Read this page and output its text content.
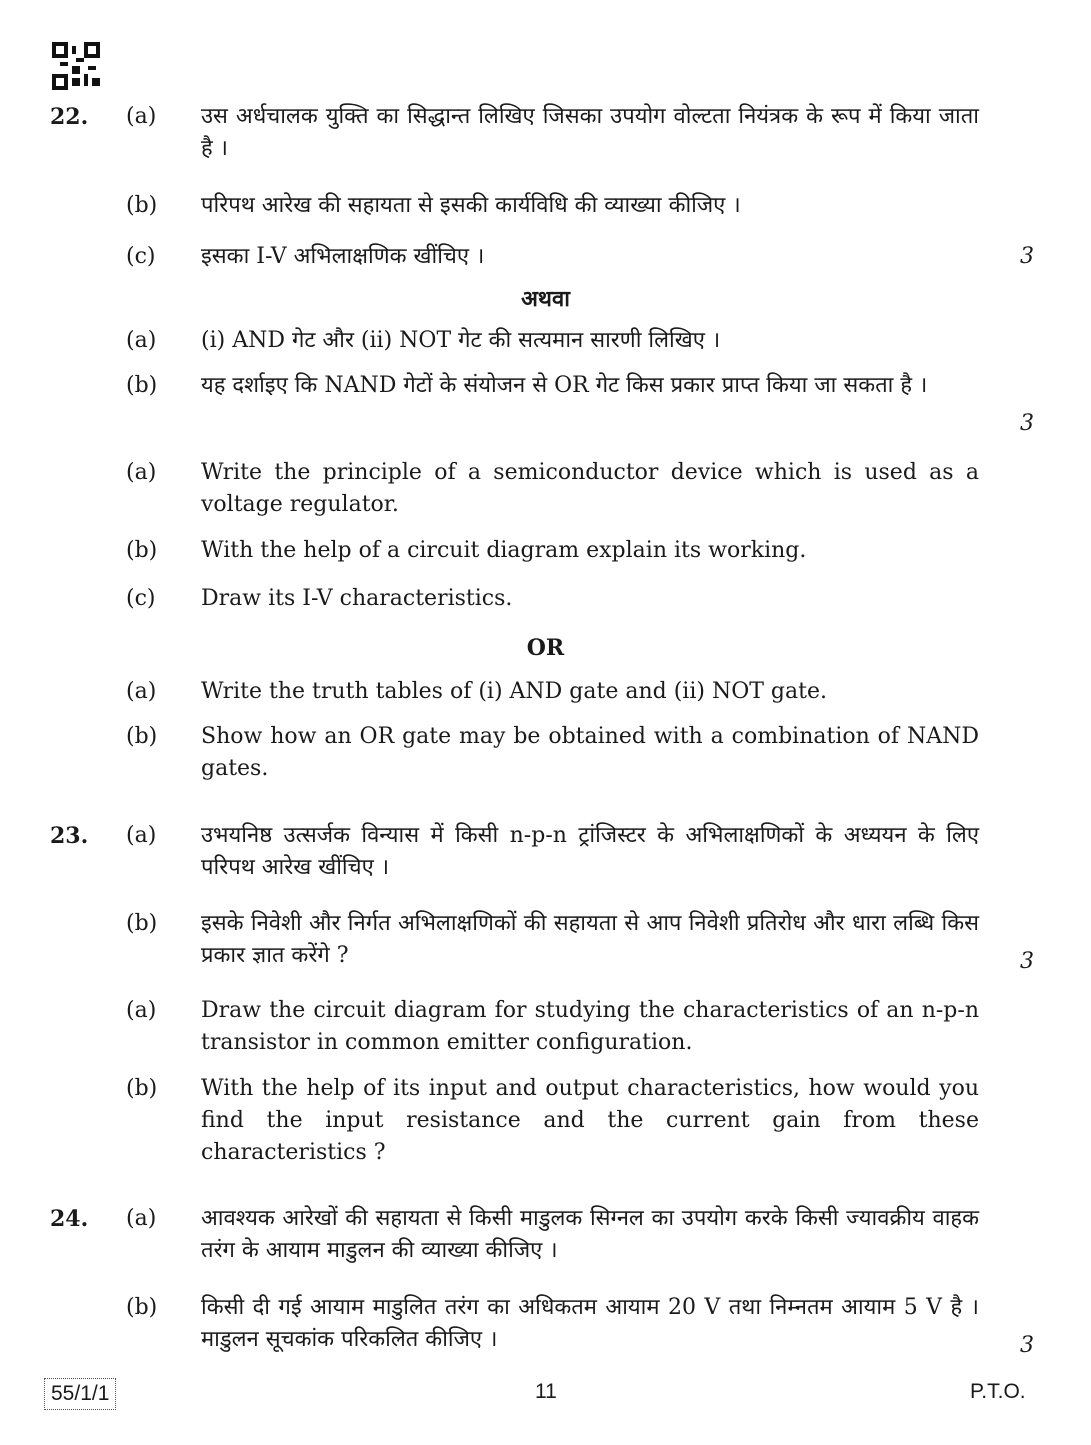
22. (a) उस अर्धचालक युक्ति का सिद्धान्त लिखिए जिसका उपयोग वोल्टता नियंत्रक के रूप में किया जाता है ।
(b) परिपथ आरेख की सहायता से इसकी कार्यविधि की व्याख्या कीजिए ।
(c) इसका I-V अभिलाक्षणिक खींचिए ।	3
अथवा
(a) (i) AND गेट और (ii) NOT गेट की सत्यमान सारणी लिखिए ।
(b) यह दर्शाइए कि NAND गेटों के संयोजन से OR गेट किस प्रकार प्राप्त किया जा सकता है ।
3
(a) Write the principle of a semiconductor device which is used as a voltage regulator.
(b) With the help of a circuit diagram explain its working.
(c) Draw its I-V characteristics.
OR
(a) Write the truth tables of (i) AND gate and (ii) NOT gate.
(b) Show how an OR gate may be obtained with a combination of NAND gates.
23. (a) उभयनिष्ठ उत्सर्जक विन्यास में किसी n-p-n ट्रांजिस्टर के अभिलाक्षणिकों के अध्ययन के लिए परिपथ आरेख खींचिए ।
(b) इसके निवेशी और निर्गत अभिलाक्षणिकों की सहायता से आप निवेशी प्रतिरोध और धारा लब्धि किस प्रकार ज्ञात करेंगे ?	3
(a) Draw the circuit diagram for studying the characteristics of an n-p-n transistor in common emitter configuration.
(b) With the help of its input and output characteristics, how would you find the input resistance and the current gain from these characteristics ?
24. (a) आवश्यक आरेखों की सहायता से किसी माडुलक सिग्नल का उपयोग करके किसी ज्यावक्रीय वाहक तरंग के आयाम माडुलन की व्याख्या कीजिए ।
(b) किसी दी गई आयाम माडुलित तरंग का अधिकतम आयाम 20 V तथा निम्नतम आयाम 5 V है । माडुलन सूचकांक परिकलित कीजिए ।	3
55/1/1	11	P.T.O.
